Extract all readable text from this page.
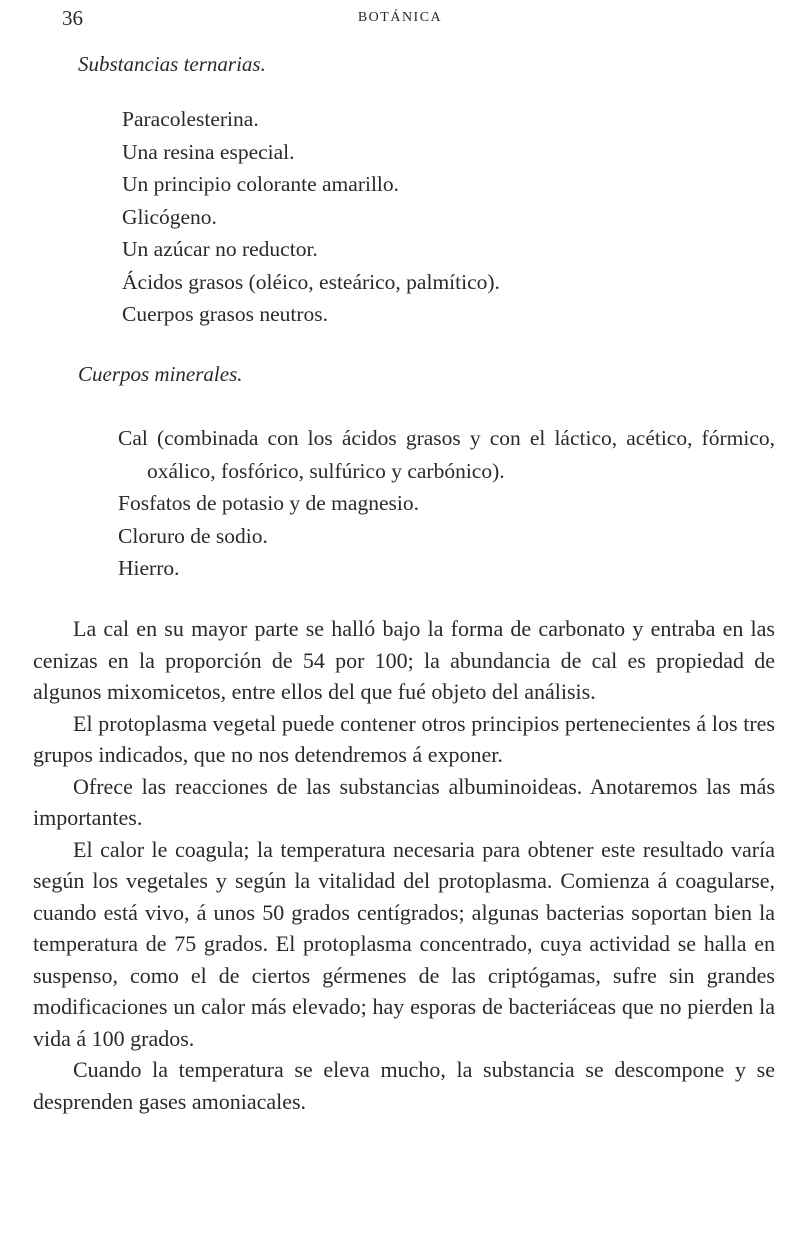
36	BOTÁNICA
Substancias ternarias.
Paracolesterina.
Una resina especial.
Un principio colorante amarillo.
Glicógeno.
Un azúcar no reductor.
Ácidos grasos (oléico, esteárico, palmítico).
Cuerpos grasos neutros.
Cuerpos minerales.
Cal (combinada con los ácidos grasos y con el láctico, acético, fórmico, oxálico, fosfórico, sulfúrico y carbónico).
Fosfatos de potasio y de magnesio.
Cloruro de sodio.
Hierro.

La cal en su mayor parte se halló bajo la forma de carbonato y entraba en las cenizas en la proporción de 54 por 100; la abundancia de cal es propiedad de algunos mixomicetos, entre ellos del que fué objeto del análisis.

El protoplasma vegetal puede contener otros principios pertenecientes á los tres grupos indicados, que no nos detendremos á exponer.

Ofrece las reacciones de las substancias albuminoideas. Anotaremos las más importantes.

El calor le coagula; la temperatura necesaria para obtener este resultado varía según los vegetales y según la vitalidad del protoplasma. Comienza á coagularse, cuando está vivo, á unos 50 grados centígrados; algunas bacterias soportan bien la temperatura de 75 grados. El protoplasma concentrado, cuya actividad se halla en suspenso, como el de ciertos gérmenes de las criptógamas, sufre sin grandes modificaciones un calor más elevado; hay esporas de bacteriáceas que no pierden la vida á 100 grados.

Cuando la temperatura se eleva mucho, la substancia se descompone y se desprenden gases amoniacales.
